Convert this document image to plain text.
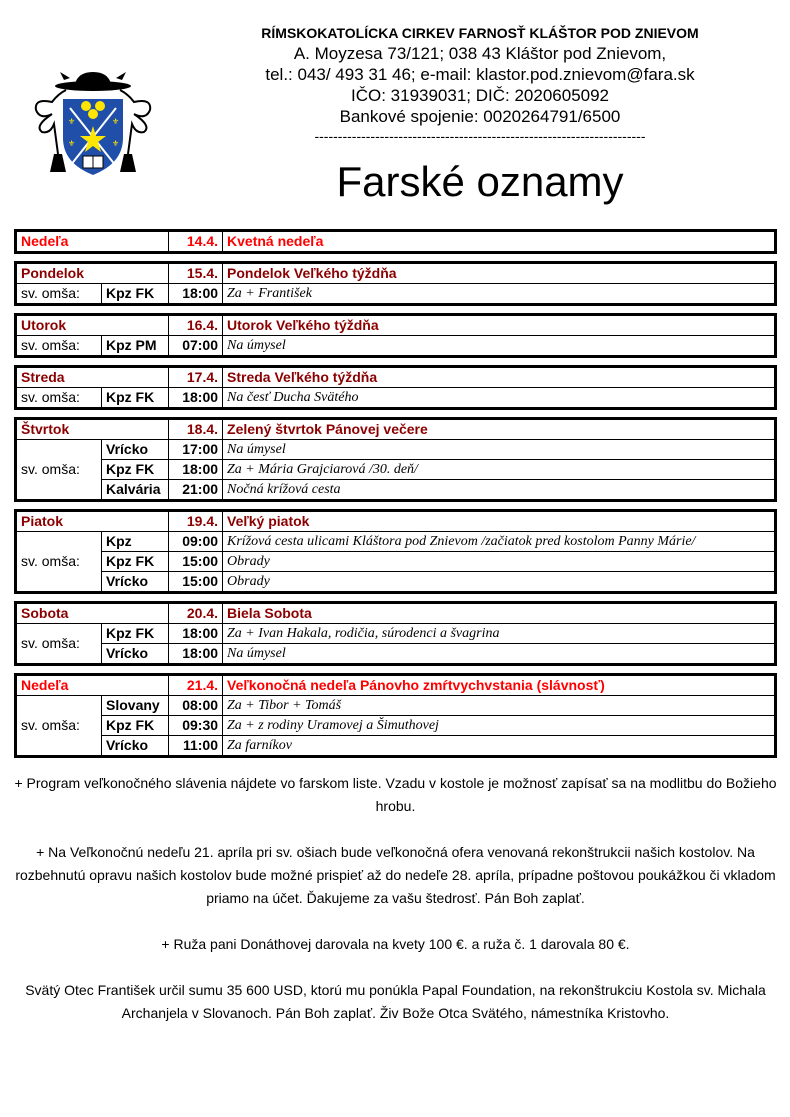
⚜	⚜
⚜	⚜
RÍMSKOKATOLÍCKA CIRKEV FARNOSŤ KLÁŠTOR POD ZNIEVOM
A. Moyzesa 73/121; 038 43 Kláštor pod Znievom,
tel.: 043/ 493 31 46; e-mail: klastor.pod.znievom@fara.sk
IČO: 31939031; DIČ: 2020605092
Bankové spojenie: 0020264791/6500
-----------------------------------------------------------------------
Farské oznamy
Nedeľa	14.4.	Kvetná nedeľa
Pondelok		15.4.	Pondelok Veľkého týždňa
sv. omša:	Kpz FK	18:00	Za + František
Utorok		16.4.	Utorok Veľkého týždňa
sv. omša:	Kpz PM	07:00	Na úmysel
Streda		17.4.	Streda Veľkého týždňa
sv. omša:	Kpz FK	18:00	Na česť Ducha Svätého
Štvrtok		18.4.	Zelený štvrtok Pánovej večere
sv. omša:	Vrícko	17:00	Na úmysel
	Kpz FK	18:00	Za + Mária Grajciarová /30. deň/
	Kalvária	21:00	Nočná krížová cesta
Piatok		19.4.	Veľký piatok
sv. omša:	Kpz	09:00	Krížová cesta ulicami Kláštora pod Znievom /začiatok pred kostolom Panny Márie/
	Kpz FK	15:00	Obrady
	Vrícko	15:00	Obrady
Sobota		20.4.	Biela Sobota
sv. omša:	Kpz FK	18:00	Za + Ivan Hakala, rodičia, súrodenci a švagrina
	Vrícko	18:00	Na úmysel
Nedeľa		21.4.	Veľkonočná nedeľa Pánovho zmŕtvychvstania (slávnosť)
sv. omša:	Slovany	08:00	Za + Tibor + Tomáš
	Kpz FK	09:30	Za + z rodiny Uramovej a Šimuthovej
	Vrícko	11:00	Za farníkov

+ Program veľkonočného slávenia nájdete vo farskom liste. Vzadu v kostole je možnosť zapísať sa na modlitbu do Božieho hrobu.

+ Na Veľkonočnú nedeľu 21. apríla pri sv. ošiach bude veľkonočná ofera venovaná rekonštrukcii našich kostolov. Na rozbehnutú opravu našich kostolov bude možné prispieť až do nedeľe 28. apríla, prípadne poštovou poukážkou či vkladom priamo na účet. Ďakujeme za vašu štedrosť. Pán Boh zaplať.

+ Ruža pani Donáthovej darovala na kvety 100 €. a ruža č. 1 darovala 80 €.

Svätý Otec František určil sumu 35 600 USD, ktorú mu ponúkla Papal Foundation, na rekonštrukciu Kostola sv. Michala Archanjela v Slovanoch. Pán Boh zaplať. Živ Bože Otca Svätého, námestníka Kristovho.
